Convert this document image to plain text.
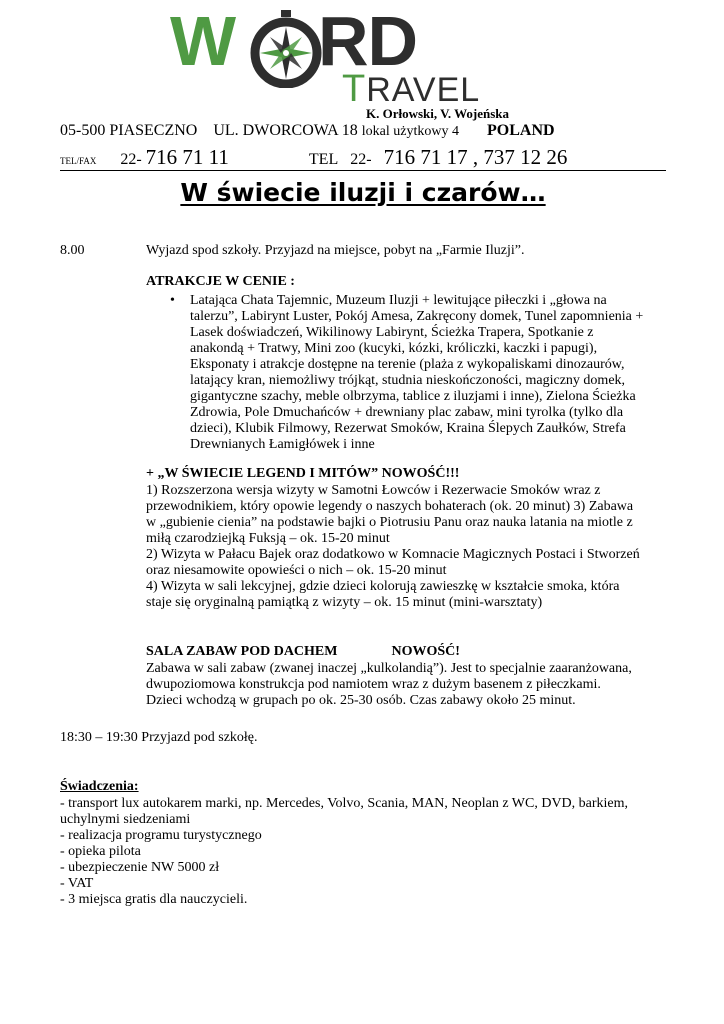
W RD
TRAVEL
K. Orłowski, V. Wojeńska
05-500 PIASECZNO UL. DWORCOWA 18 lokal użytkowy 4 POLAND
TEL/FAX 22- 716 71 11	TEL 22- 716 71 17 , 737 12 26
W świecie iluzji i czarów…
8.00	Wyjazd spod szkoły. Przyjazd na miejsce, pobyt na „Farmie Iluzji”.
ATRAKCJE W CENIE :
• Latająca Chata Tajemnic, Muzeum Iluzji + lewitujące piłeczki i „głowa na
talerzu”, Labirynt Luster, Pokój Amesa, Zakręcony domek, Tunel zapomnienia +
Lasek doświadczeń, Wikilinowy Labirynt, Ścieżka Trapera, Spotkanie z
anakondą + Tratwy, Mini zoo (kucyki, kózki, króliczki, kaczki i papugi),
Eksponaty i atrakcje dostępne na terenie (plaża z wykopaliskami dinozaurów,
latający kran, niemożliwy trójkąt, studnia nieskończoności, magiczny domek,
gigantyczne szachy, meble olbrzyma, tablice z iluzjami i inne), Zielona Ścieżka
Zdrowia, Pole Dmuchańców + drewniany plac zabaw, mini tyrolka (tylko dla
dzieci), Klubik Filmowy, Rezerwat Smoków, Kraina Ślepych Zaułków, Strefa
Drewnianych Łamigłówek i inne
+ „W ŚWIECIE LEGEND I MITÓW” NOWOŚĆ!!!
1) Rozszerzona wersja wizyty w Samotni Łowców i Rezerwacie Smoków wraz z
przewodnikiem, który opowie legendy o naszych bohaterach (ok. 20 minut) 3) Zabawa
w „gubienie cienia” na podstawie bajki o Piotrusiu Panu oraz nauka latania na miotle z
miłą czarodziejką Fuksją – ok. 15-20 minut
2) Wizyta w Pałacu Bajek oraz dodatkowo w Komnacie Magicznych Postaci i Stworzeń
oraz niesamowite opowieści o nich – ok. 15-20 minut
4) Wizyta w sali lekcyjnej, gdzie dzieci kolorują zawieszkę w kształcie smoka, która
staje się oryginalną pamiątką z wizyty – ok. 15 minut (mini-warsztaty)
SALA ZABAW POD DACHEM	NOWOŚĆ!
Zabawa w sali zabaw (zwanej inaczej „kulkolandią”). Jest to specjalnie zaaranżowana,
dwupoziomowa konstrukcja pod namiotem wraz z dużym basenem z piłeczkami.
Dzieci wchodzą w grupach po ok. 25-30 osób. Czas zabawy około 25 minut.
18:30 – 19:30 Przyjazd pod szkołę.
Świadczenia:
- transport lux autokarem marki, np. Mercedes, Volvo, Scania, MAN, Neoplan z WC, DVD, barkiem,
uchylnymi siedzeniami
- realizacja programu turystycznego
- opieka pilota
- ubezpieczenie NW 5000 zł
- VAT
- 3 miejsca gratis dla nauczycieli.
